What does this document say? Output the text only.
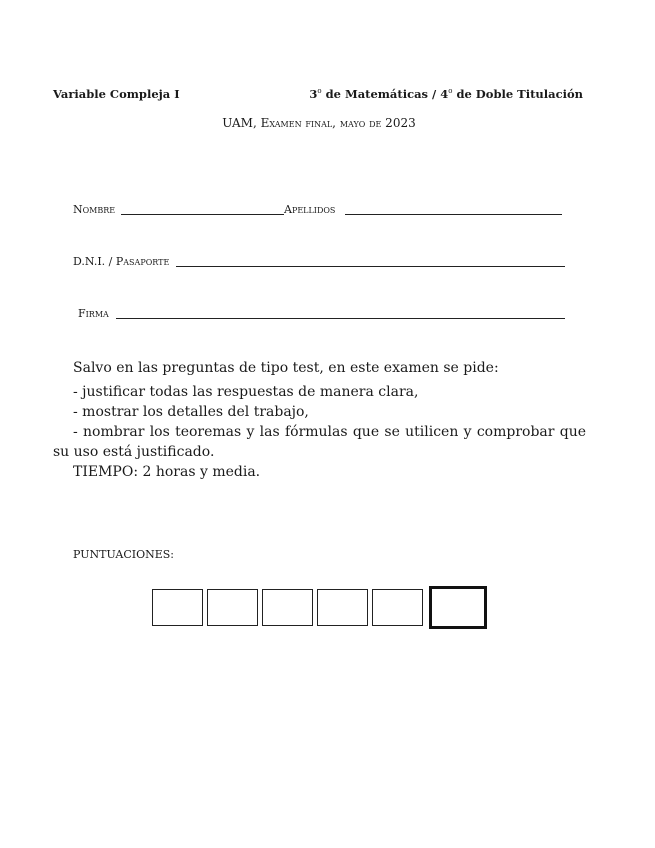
Variable Compleja I	3$^o$ de Matemáticas / 4$^o$ de Doble Titulación
UAM, Examen final, mayo de 2023
Nombre	Apellidos
D.N.I. / Pasaporte
Firma

Salvo en las preguntas de tipo test, en este examen se pide:

- justificar todas las respuestas de manera clara,

- mostrar los detalles del trabajo,

- nombrar los teoremas y las fórmulas que se utilicen y comprobar que su uso está justificado.

TIEMPO: 2 horas y media.

PUNTUACIONES:
